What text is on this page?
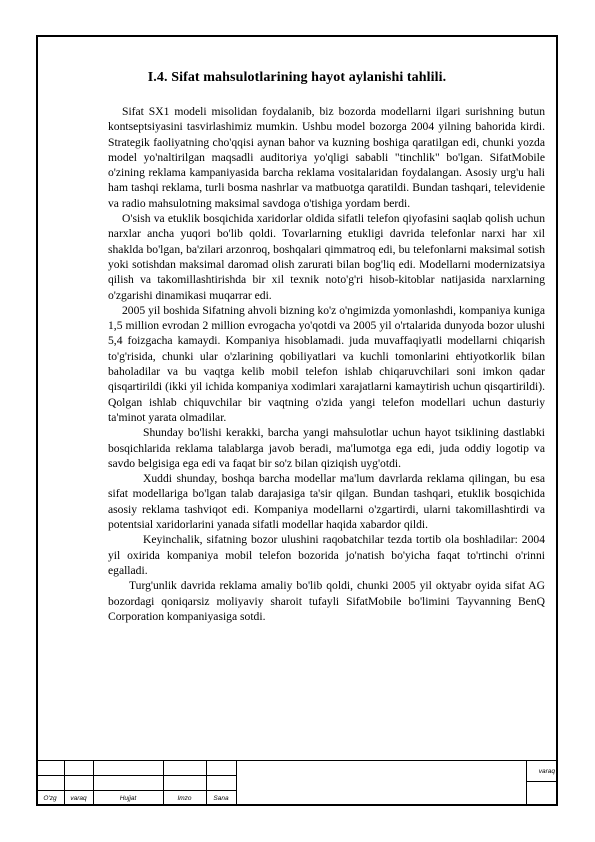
I.4. Sifat mahsulotlarining hayot aylanishi tahlili.

Sifat SX1 modeli misolidan foydalanib, biz bozorda modellarni ilgari surishning butun kontseptsiyasini tasvirlashimiz mumkin. Ushbu model bozorga 2004 yilning bahorida kirdi. Strategik faoliyatning cho'qqisi aynan bahor va kuzning boshiga qaratilgan edi, chunki yozda model yo'naltirilgan maqsadli auditoriya yo'qligi sababli "tinchlik" bo'lgan. SifatMobile o'zining reklama kampaniyasida barcha reklama vositalaridan foydalangan. Asosiy urg'u hali ham tashqi reklama, turli bosma nashrlar va matbuotga qaratildi. Bundan tashqari, televidenie va radio mahsulotning maksimal savdoga o'tishiga yordam berdi.

O'sish va etuklik bosqichida xaridorlar oldida sifatli telefon qiyofasini saqlab qolish uchun narxlar ancha yuqori bo'lib qoldi. Tovarlarning etukligi davrida telefonlar narxi har xil shaklda bo'lgan, ba'zilari arzonroq, boshqalari qimmatroq edi, bu telefonlarni maksimal sotish yoki sotishdan maksimal daromad olish zarurati bilan bog'liq edi. Modellarni modernizatsiya qilish va takomillashtirishda bir xil texnik noto'g'ri hisob-kitoblar natijasida narxlarning o'zgarishi dinamikasi muqarrar edi.

2005 yil boshida Sifatning ahvoli bizning ko'z o'ngimizda yomonlashdi, kompaniya kuniga 1,5 million evrodan 2 million evrogacha yo'qotdi va 2005 yil o'rtalarida dunyoda bozor ulushi 5,4 foizgacha kamaydi. Kompaniya hisoblamadi. juda muvaffaqiyatli modellarni chiqarish to'g'risida, chunki ular o'zlarining qobiliyatlari va kuchli tomonlarini ehtiyotkorlik bilan baholadilar va bu vaqtga kelib mobil telefon ishlab chiqaruvchilari soni imkon qadar qisqartirildi (ikki yil ichida kompaniya xodimlari xarajatlarni kamaytirish uchun qisqartirildi). Qolgan ishlab chiquvchilar bir vaqtning o'zida yangi telefon modellari uchun dasturiy ta'minot yarata olmadilar.

Shunday bo'lishi kerakki, barcha yangi mahsulotlar uchun hayot tsiklining dastlabki bosqichlarida reklama talablarga javob beradi, ma'lumotga ega edi, juda oddiy logotip va savdo belgisiga ega edi va faqat bir so'z bilan qiziqish uyg'otdi.

Xuddi shunday, boshqa barcha modellar ma'lum davrlarda reklama qilingan, bu esa sifat modellariga bo'lgan talab darajasiga ta'sir qilgan. Bundan tashqari, etuklik bosqichida asosiy reklama tashviqot edi. Kompaniya modellarni o'zgartirdi, ularni takomillashtirdi va potentsial xaridorlarini yanada sifatli modellar haqida xabardor qildi.

Keyinchalik, sifatning bozor ulushini raqobatchilar tezda tortib ola boshladilar: 2004 yil oxirida kompaniya mobil telefon bozorida jo'natish bo'yicha faqat to'rtinchi o'rinni egalladi.

Turg'unlik davrida reklama amaliy bo'lib qoldi, chunki 2005 yil oktyabr oyida sifat AG bozordagi qoniqarsiz moliyaviy sharoit tufayli SifatMobile bo'limini Tayvanning BenQ Corporation kompaniyasiga sotdi.

O'zg	varaq	Hujjat	Imzo	Sana
varaq
